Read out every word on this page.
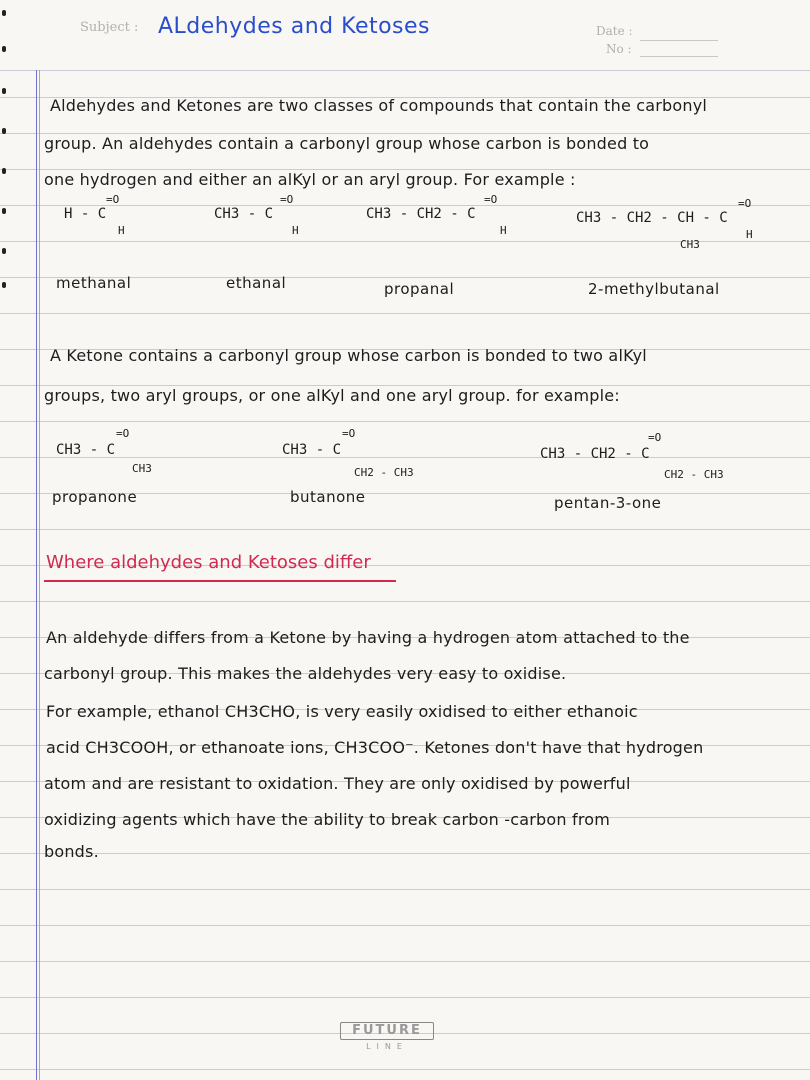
Subject : ALdehydes and Ketoses	Date :
No :
Aldehydes and Ketones are two classes of compounds that contain the carbonyl
group. An aldehydes contain a carbonyl group whose carbon is bonded to
one hydrogen and either an alKyl or an aryl group. For example :
H - C
=O
H
CH3 - C
=O
H
CH3 - CH2 - C
=O
H
CH3 - CH2 - CH - C
=O
H
CH3
methanal	ethanal	propanal	2-methylbutanal
A Ketone contains a carbonyl group whose carbon is bonded to two alKyl
groups, two aryl groups, or one alKyl and one aryl group. for example:
CH3 - C
=O
CH3
CH3 - C
=O
CH2 - CH3
CH3 - CH2 - C
=O
CH2 - CH3
propanone	butanone	pentan-3-one
Where aldehydes and Ketoses differ
An aldehyde differs from a Ketone by having a hydrogen atom attached to the
carbonyl group. This makes the aldehydes very easy to oxidise.
For example, ethanol CH3CHO, is very easily oxidised to either ethanoic
acid CH3COOH, or ethanoate ions, CH3COO⁻. Ketones don't have that hydrogen
atom and are resistant to oxidation. They are only oxidised by powerful
oxidizing agents which have the ability to break carbon -carbon from
bonds.
FUTURE
LINE
